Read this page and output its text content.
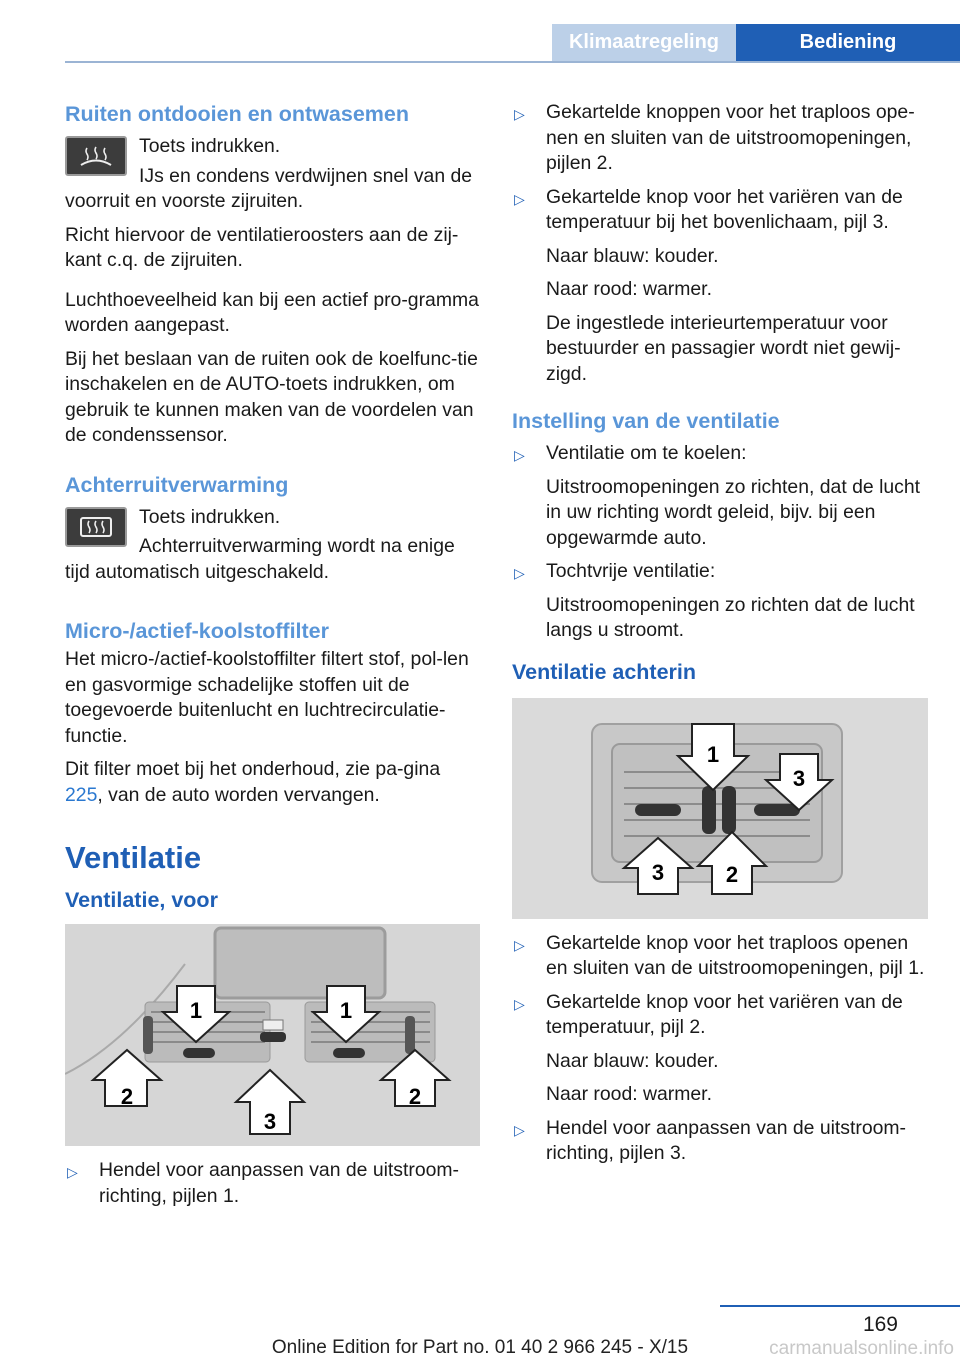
Klimaatregeling	Bediening
Ruiten ontdooien en ontwasemen

Toets indrukken.

IJs en condens verdwijnen snel van de voorruit en voorste zijruiten.

Richt hiervoor de ventilatieroosters aan de zij‐kant c.q. de zijruiten.

Luchthoeveelheid kan bij een actief pro‐gramma worden aangepast.

Bij het beslaan van de ruiten ook de koelfunc‐tie inschakelen en de AUTO-toets indrukken, om gebruik te kunnen maken van de voordelen van de condenssensor.

Achterruitverwarming

Toets indrukken.

Achterruitverwarming wordt na enige tijd automatisch uitgeschakeld.

Micro-/actief-koolstoffilter

Het micro-/actief-koolstoffilter filtert stof, pol‐len en gasvormige schadelijke stoffen uit de toegevoerde buitenlucht en luchtrecirculatie‐functie.

Dit filter moet bij het onderhoud, zie pa‐gina 225, van de auto worden vervangen.

Ventilatie
Ventilatie, voor
1	1
2
3
2
▷ Hendel voor aanpassen van de uitstroom‐richting, pijlen 1.
▷ Gekartelde knoppen voor het traploos ope‐nen en sluiten van de uitstroomopeningen, pijlen 2.
▷ Gekartelde knop voor het variëren van de temperatuur bij het bovenlichaam, pijl 3.

Naar blauw: kouder.

Naar rood: warmer.

De ingestlede interieurtemperatuur voor bestuurder en passagier wordt niet gewij‐zigd.

Instelling van de ventilatie
▷ Ventilatie om te koelen:

Uitstroomopeningen zo richten, dat de lucht in uw richting wordt geleid, bijv. bij een opgewarmde auto.

▷ Tochtvrije ventilatie:

Uitstroomopeningen zo richten dat de lucht langs u stroomt.

Ventilatie achterin
1
3
3	2
▷ Gekartelde knop voor het traploos openen en sluiten van de uitstroomopeningen, pijl 1.
▷ Gekartelde knop voor het variëren van de temperatuur, pijl 2.

Naar blauw: kouder.

Naar rood: warmer.

▷ Hendel voor aanpassen van de uitstroom‐richting, pijlen 3.
169
Online Edition for Part no. 01 40 2 966 245 - X/15	carmanualsonline.info
